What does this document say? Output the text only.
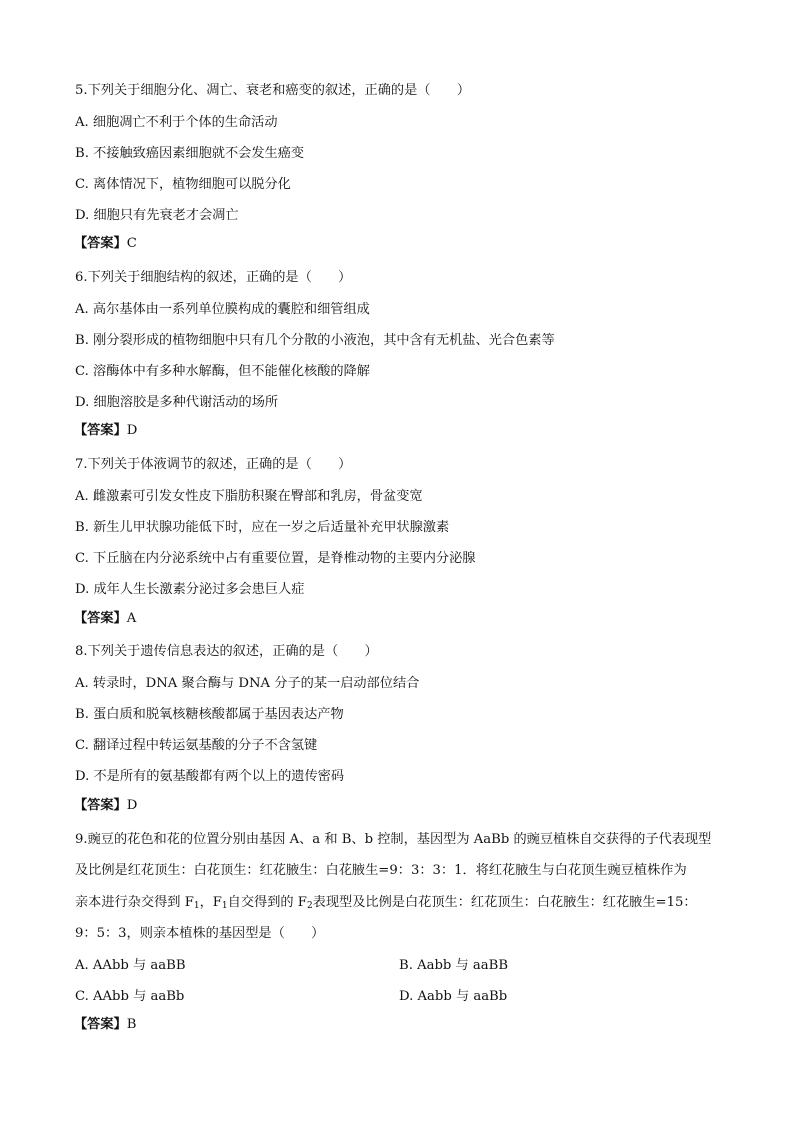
5.下列关于细胞分化、凋亡、衰老和癌变的叙述，正确的是（　　）
A. 细胞凋亡不利于个体的生命活动
B. 不接触致癌因素细胞就不会发生癌变
C. 离体情况下，植物细胞可以脱分化
D. 细胞只有先衰老才会凋亡
【答案】C
6.下列关于细胞结构的叙述，正确的是（　　）
A. 高尔基体由一系列单位膜构成的囊腔和细管组成
B. 刚分裂形成的植物细胞中只有几个分散的小液泡，其中含有无机盐、光合色素等
C. 溶酶体中有多种水解酶，但不能催化核酸的降解
D. 细胞溶胶是多种代谢活动的场所
【答案】D
7.下列关于体液调节的叙述，正确的是（　　）
A. 雌激素可引发女性皮下脂肪积聚在臀部和乳房，骨盆变宽
B. 新生儿甲状腺功能低下时，应在一岁之后适量补充甲状腺激素
C. 下丘脑在内分泌系统中占有重要位置，是脊椎动物的主要内分泌腺
D. 成年人生长激素分泌过多会患巨人症
【答案】A
8.下列关于遗传信息表达的叙述，正确的是（　　）
A. 转录时，DNA 聚合酶与 DNA 分子的某一启动部位结合
B. 蛋白质和脱氧核糖核酸都属于基因表达产物
C. 翻译过程中转运氨基酸的分子不含氢键
D. 不是所有的氨基酸都有两个以上的遗传密码
【答案】D
9.豌豆的花色和花的位置分别由基因 A、a 和 B、b 控制，基因型为 AaBb 的豌豆植株自交获得的子代表现型
及比例是红花顶生：白花顶生：红花腋生：白花腋生=9：3：3：1．将红花腋生与白花顶生豌豆植株作为
亲本进行杂交得到 $F_1$，$F_1$自交得到的 $F_2$表现型及比例是白花顶生：红花顶生：白花腋生：红花腋生=15：
9：5：3，则亲本植株的基因型是（　　）
A. AAbb 与 aaBB	B. Aabb 与 aaBB
C. AAbb 与 aaBb	D. Aabb 与 aaBb
【答案】B
